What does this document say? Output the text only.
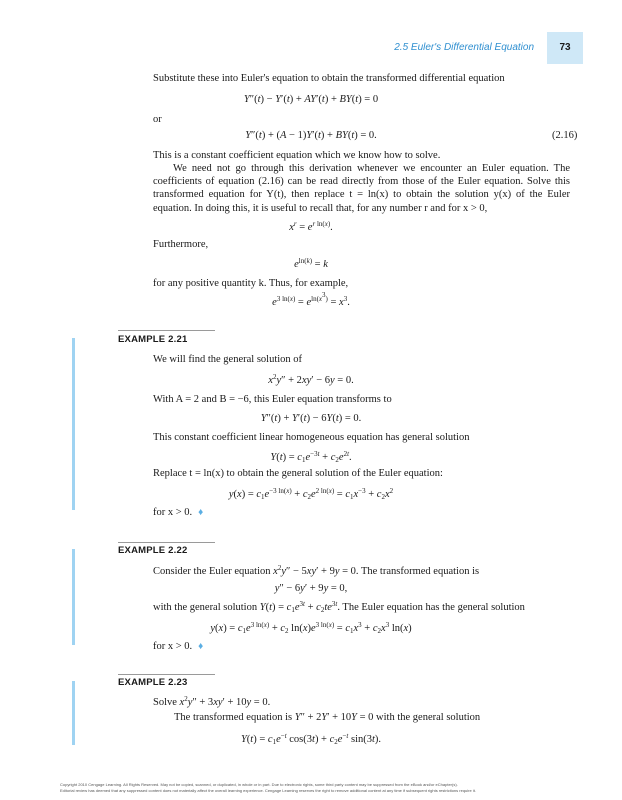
2.5 Euler's Differential Equation	73
Substitute these into Euler's equation to obtain the transformed differential equation
Y″(t) − Y′(t) + AY′(t) + BY(t) = 0
or
Y″(t) + (A − 1)Y′(t) + BY(t) = 0.	(2.16)
This is a constant coefficient equation which we know how to solve.

We need not go through this derivation whenever we encounter an Euler equation. The coefficients of equation (2.16) can be read directly from those of the Euler equation. Solve this transformed equation for Y(t), then replace t = ln(x) to obtain the solution y(x) of the Euler equation. In doing this, it is useful to recall that, for any number r and for x > 0,

$x^r = e^{r ln(x)}$.
Furthermore,
$e^{ln(k)} = k$
for any positive quantity k. Thus, for example,
$e^{3 ln(x)} = e^{ln(x^3)} = x^3$.
EXAMPLE 2.21
We will find the general solution of
$x^2y'' + 2xy' - 6y = 0$.
With A = 2 and B = −6, this Euler equation transforms to
Y″(t) + Y′(t) − 6Y(t) = 0.
This constant coefficient linear homogeneous equation has general solution
$Y(t) = c_1e^{-3t} + c_2e^{2t}$.
Replace t = ln(x) to obtain the general solution of the Euler equation:
$y(x) = c_1e^{-3 ln(x)} + c_2e^{2 ln(x)} = c_1x^{-3} + c_2x^2$
for x > 0. ♦
EXAMPLE 2.22
Consider the Euler equation $x^2y'' - 5xy' + 9y = 0$. The transformed equation is
y″ − 6y′ + 9y = 0,
with the general solution $Y(t) = c_1e^{3t} + c_2te^{3t}$. The Euler equation has the general solution
$y(x) = c_1e^{3 ln(x)} + c_2$ $\ln(x)e^{3 ln(x)} = c_1x^3 + c_2x^3$ ln(x)
for x > 0. ♦
EXAMPLE 2.23
Solve $x^2y'' + 3xy' + 10y = 0$.
The transformed equation is Y″ + 2Y′ + 10Y = 0 with the general solution
$Y(t) = c_1e^{-t}$ $\cos(3t) + c_2e^{-t}$ sin(3t).
Copyright 2010 Cengage Learning. All Rights Reserved. May not be copied, scanned, or duplicated, in whole or in part. Due to electronic rights, some third party content may be suppressed from the eBook and/or eChapter(s).
Editorial review has deemed that any suppressed content does not materially affect the overall learning experience. Cengage Learning reserves the right to remove additional content at any time if subsequent rights restrictions require it.
